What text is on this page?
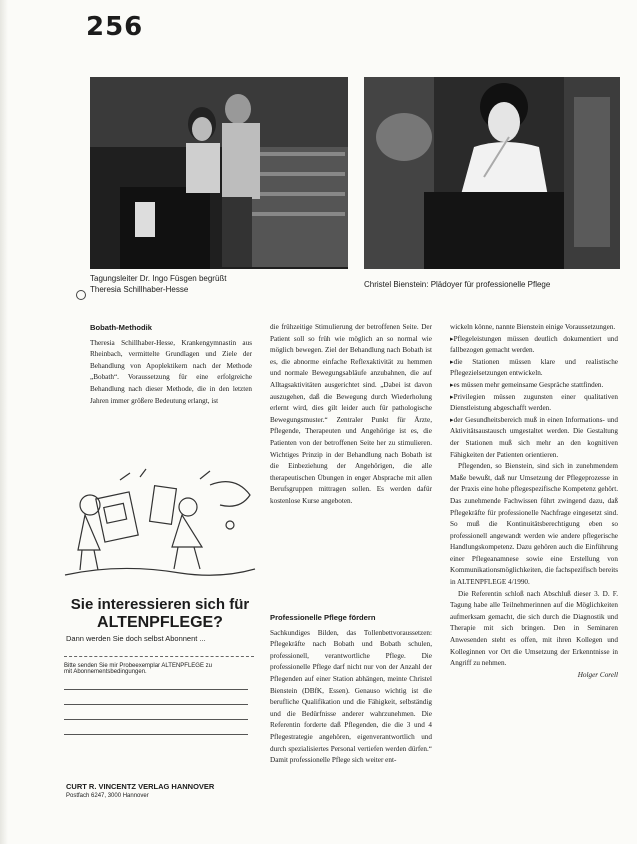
256
Tagungsleiter Dr. Ingo Füsgen begrüßt
Theresia Schillhaber-Hesse
Christel Bienstein: Plädoyer für professionelle Pflege
Bobath-Methodik

Theresia Schillhaber-Hesse, Krankengymnastin aus Rheinbach, vermittelte Grundlagen und Ziele der Behandlung von Apoplektikern nach der Methode „Bobath“. Voraussetzung für eine erfolgreiche Behandlung nach dieser Methode, die in den letzten Jahren immer größere Bedeutung erlangt, ist

die frühzeitige Stimulierung der betroffenen Seite. Der Patient soll so früh wie möglich an so normal wie möglich bewegen. Ziel der Behandlung nach Bobath ist es, die abnorme einfache Reflexaktivität zu hemmen und normale Bewegungsabläufe anzubahnen, die auf Alltagsaktivitäten ausgerichtet sind. „Dabei ist davon auszugehen, daß die Bewegung durch Wiederholung erlernt wird, dies gilt leider auch für pathologische Bewegungsmuster.“ Zentraler Punkt für Ärzte, Pflegende, Therapeuten und Angehörige ist es, die Patienten von der betroffenen Seite her zu stimulieren. Wichtiges Prinzip in der Behandlung nach Bobath ist die Einbeziehung der Angehörigen, die alle therapeutischen Übungen in enger Absprache mit allen Berufsgruppen mittragen sollen. Es werden dafür kostenlose Kurse angeboten.

Professionelle Pflege fördern

Sachkundiges Bilden, das Tollenbettvoraussetzen: Pflegekräfte nach Bobath und Bobath schulen, professionell, verantwortliche Pflege. Die professionelle Pflege darf nicht nur von der Anzahl der Pflegenden auf einer Station abhängen, meinte Christel Bienstein (DBfK, Essen). Genauso wichtig ist die berufliche Qualifikation und die Fähigkeit, selbständig und die Bedürfnisse anderer wahrzunehmen. Die Referentin forderte daß Pflegenden, die die 3 und 4 Pflegestrategie angehören, eigenverantwortlich und durch spezialisiertes Personal vertiefen werden dürfen.“ Damit professionelle Pflege sich weiter ent-

wickeln könne, nannte Bienstein einige Voraussetzungen.

▸ Pflegeleistungen müssen deutlich dokumentiert und fallbezogen gemacht werden.

▸ die Stationen müssen klare und realistische Pflegezielsetzungen entwickeln.

▸ es müssen mehr gemeinsame Gespräche stattfinden.

▸ Privilegien müssen zugunsten einer qualitativen Dienstleistung abgeschafft werden.

▸ der Gesundheitsbereich muß in einen Informations- und Aktivitätsaustausch umgestaltet werden. Die Gestaltung der Stationen muß sich mehr an den kognitiven Fähigkeiten der Patienten orientieren.

Pflegenden, so Bienstein, sind sich in zunehmendem Maße bewußt, daß nur Umsetzung der Pflegeprozesse in der Praxis eine hohe pflegespezifische Kompetenz gehört. Das zunehmende Fachwissen führt zwingend dazu, daß Pflegekräfte für professionelle Nachfrage eingesetzt sind. So muß die Kontinuitätsberechtigung eben so professionell angewandt werden wie andere pflegerische Handlungskompetenz. Dazu gehören auch die Einführung einer Pflegeanamnese sowie eine Erstellung von Kommunikationsmöglichkeiten, die fachspezifisch bereits in ALTENPFLEGE 4/1990.

Die Referentin schloß nach Abschluß dieser 3. D. F. Tagung habe alle Teilnehmerinnen auf die Möglichkeiten aufmerksam gemacht, die sich durch die Diagnostik und Therapie mit sich bringen. Den in Seminaren Anwesenden steht es offen, mit ihren Kollegen und Kolleginnen vor Ort die Umsetzung der Erkenntnisse in Angriff zu nehmen.

Holger Corell

Sie interessieren sich für
ALTENPFLEGE?
Dann werden Sie doch selbst Abonnent ...
Bitte senden Sie mir Probeexemplar ALTENPFLEGE zu
mit Abonnementsbedingungen.
CURT R. VINCENTZ VERLAG HANNOVER
Postfach 6247, 3000 Hannover
